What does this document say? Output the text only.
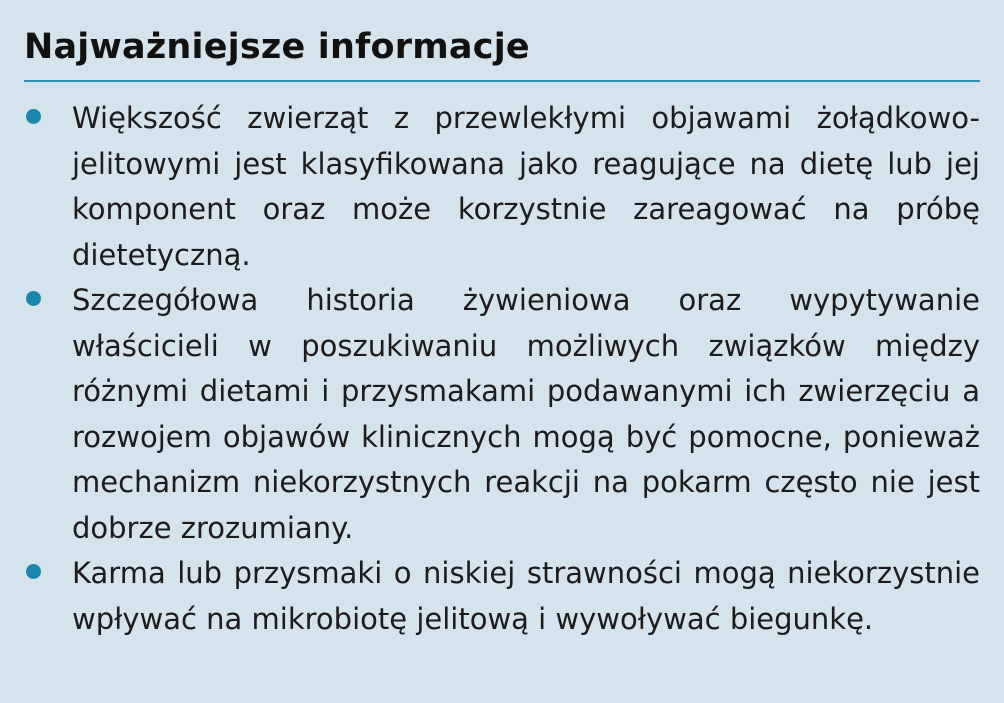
Najważniejsze informacje
Większość zwierząt z przewlekłymi objawami żołądkowo-jelitowymi jest klasyfikowana jako reagujące na dietę lub jej komponent oraz może korzystnie zareagować na próbę dietetyczną.
Szczegółowa historia żywieniowa oraz wypytywanie właścicieli w poszukiwaniu możliwych związków między różnymi dietami i przysmakami podawanymi ich zwierzęciu a rozwojem objawów klinicznych mogą być pomocne, ponieważ mechanizm niekorzystnych reakcji na pokarm często nie jest dobrze zrozumiany.
Karma lub przysmaki o niskiej strawności mogą niekorzystnie wpływać na mikrobiotę jelitową i wywoływać biegunkę.
